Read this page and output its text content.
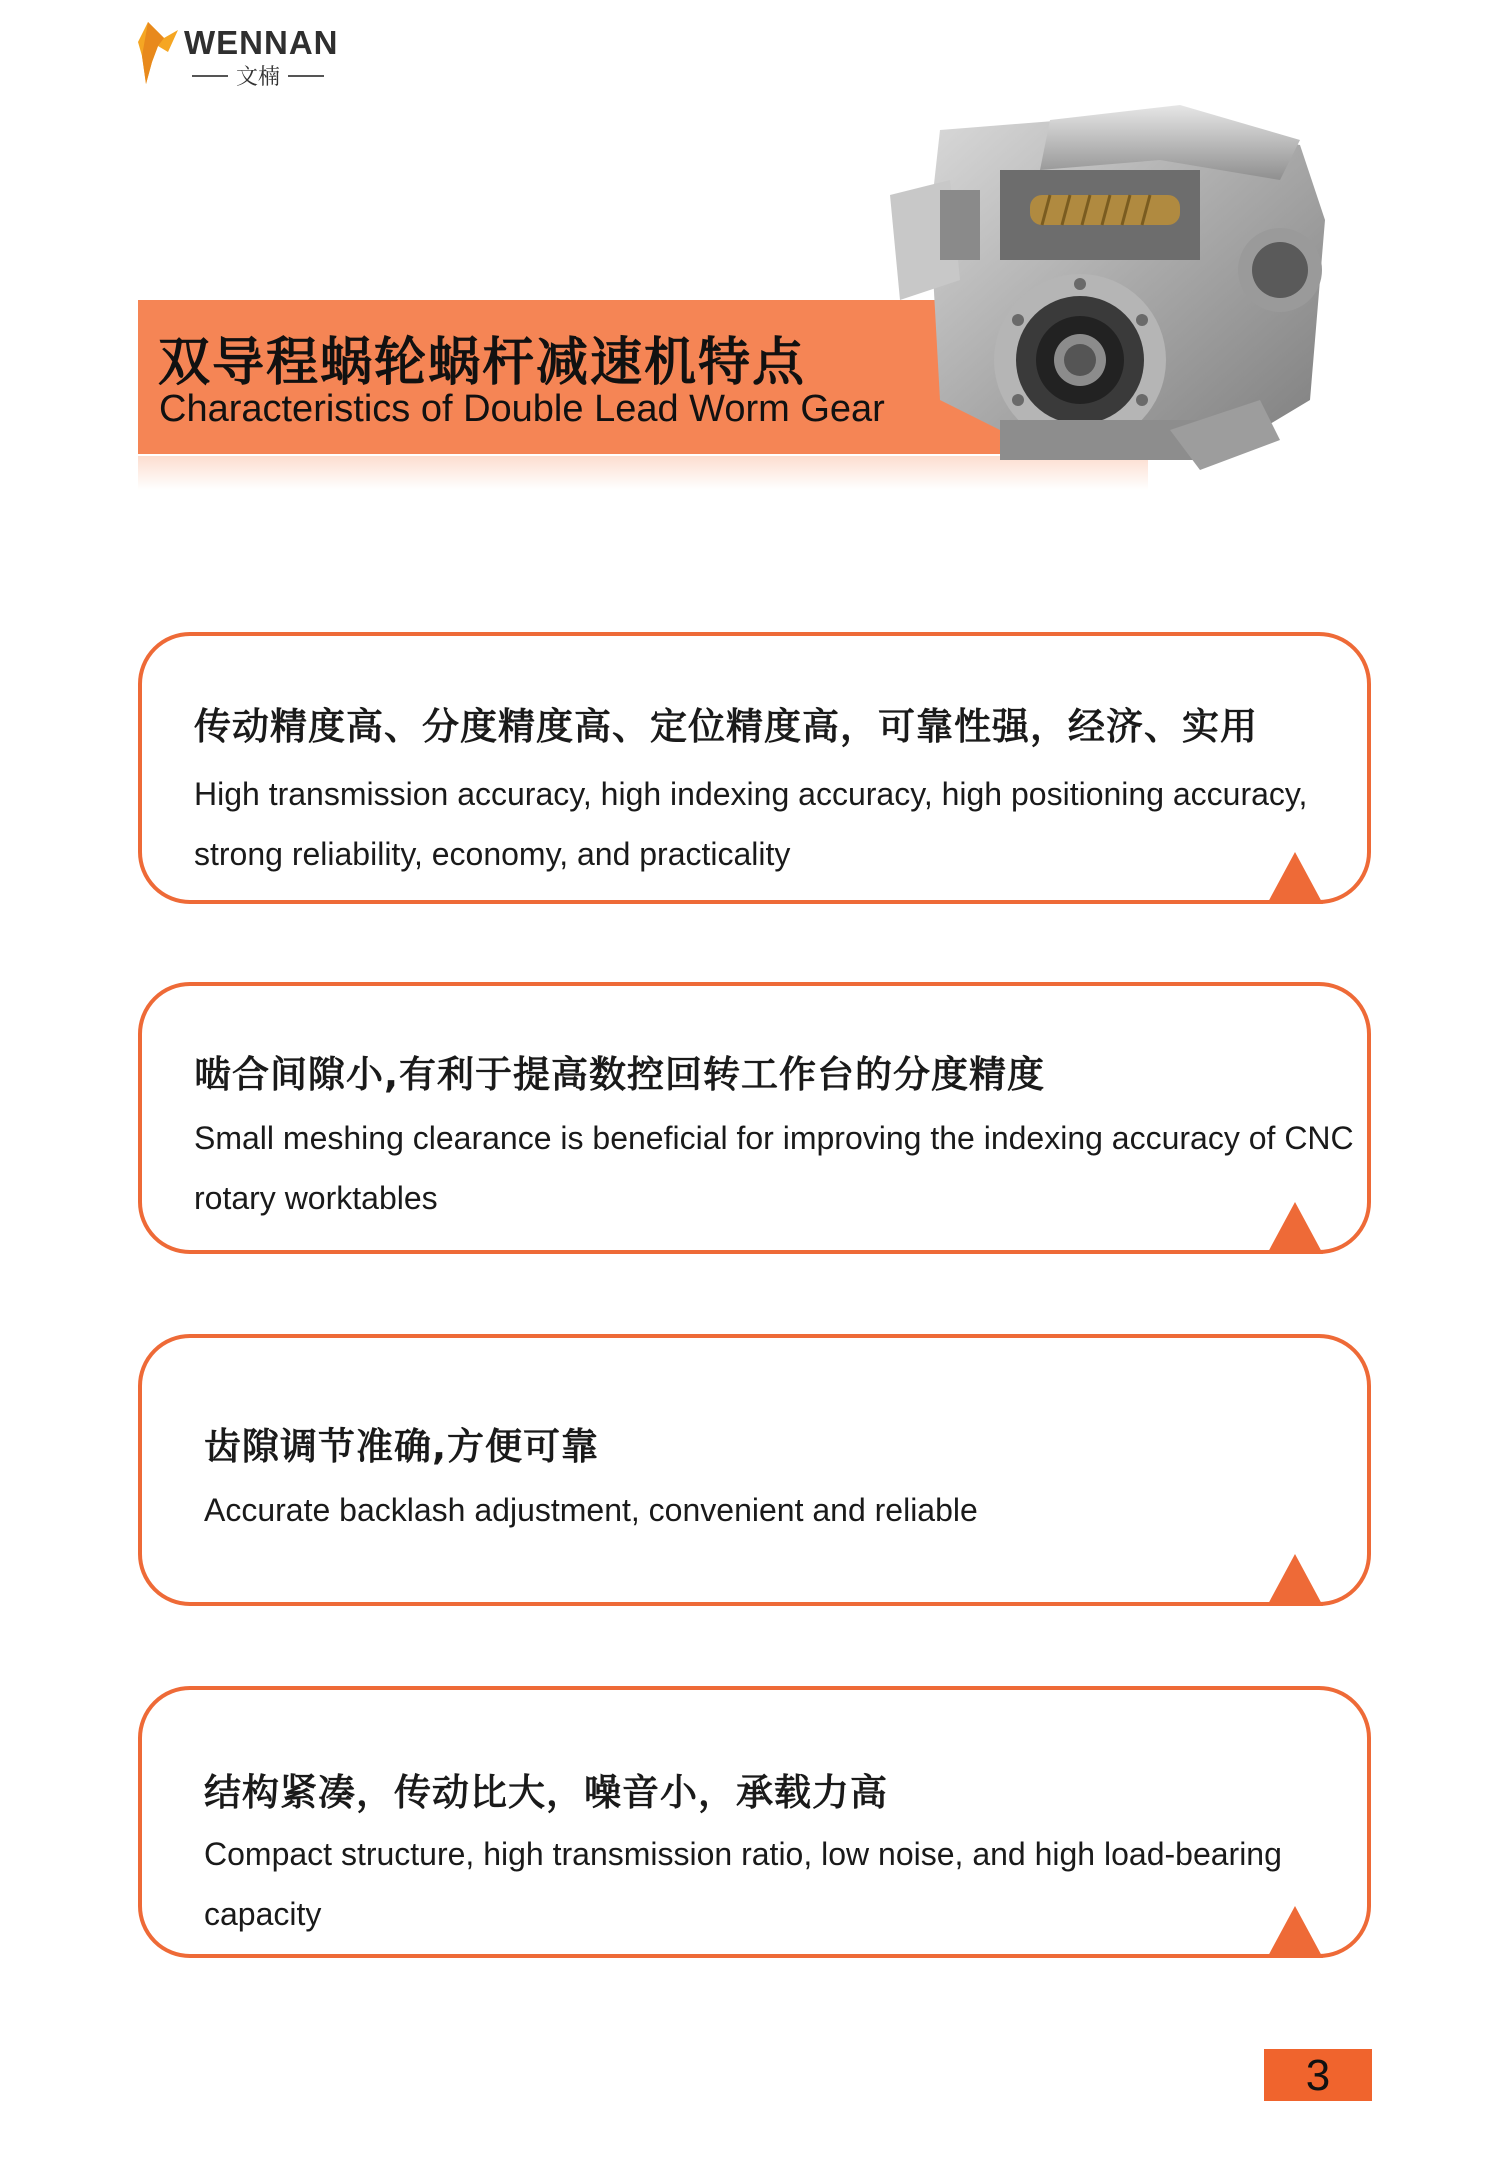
WENNAN
文楠
双导程蜗轮蜗杆减速机特点
Characteristics of Double Lead Worm Gear
传动精度高、分度精度高、定位精度高，可靠性强，经济、实用
High transmission accuracy, high indexing accuracy, high positioning accuracy, strong reliability, economy, and practicality
啮合间隙小,有利于提高数控回转工作台的分度精度
Small meshing clearance is beneficial for improving the indexing accuracy of CNC rotary worktables
齿隙调节准确,方便可靠
Accurate backlash adjustment, convenient and reliable
结构紧凑，传动比大，噪音小，承载力高
Compact structure, high transmission ratio, low noise, and high load-bearing capacity
3
